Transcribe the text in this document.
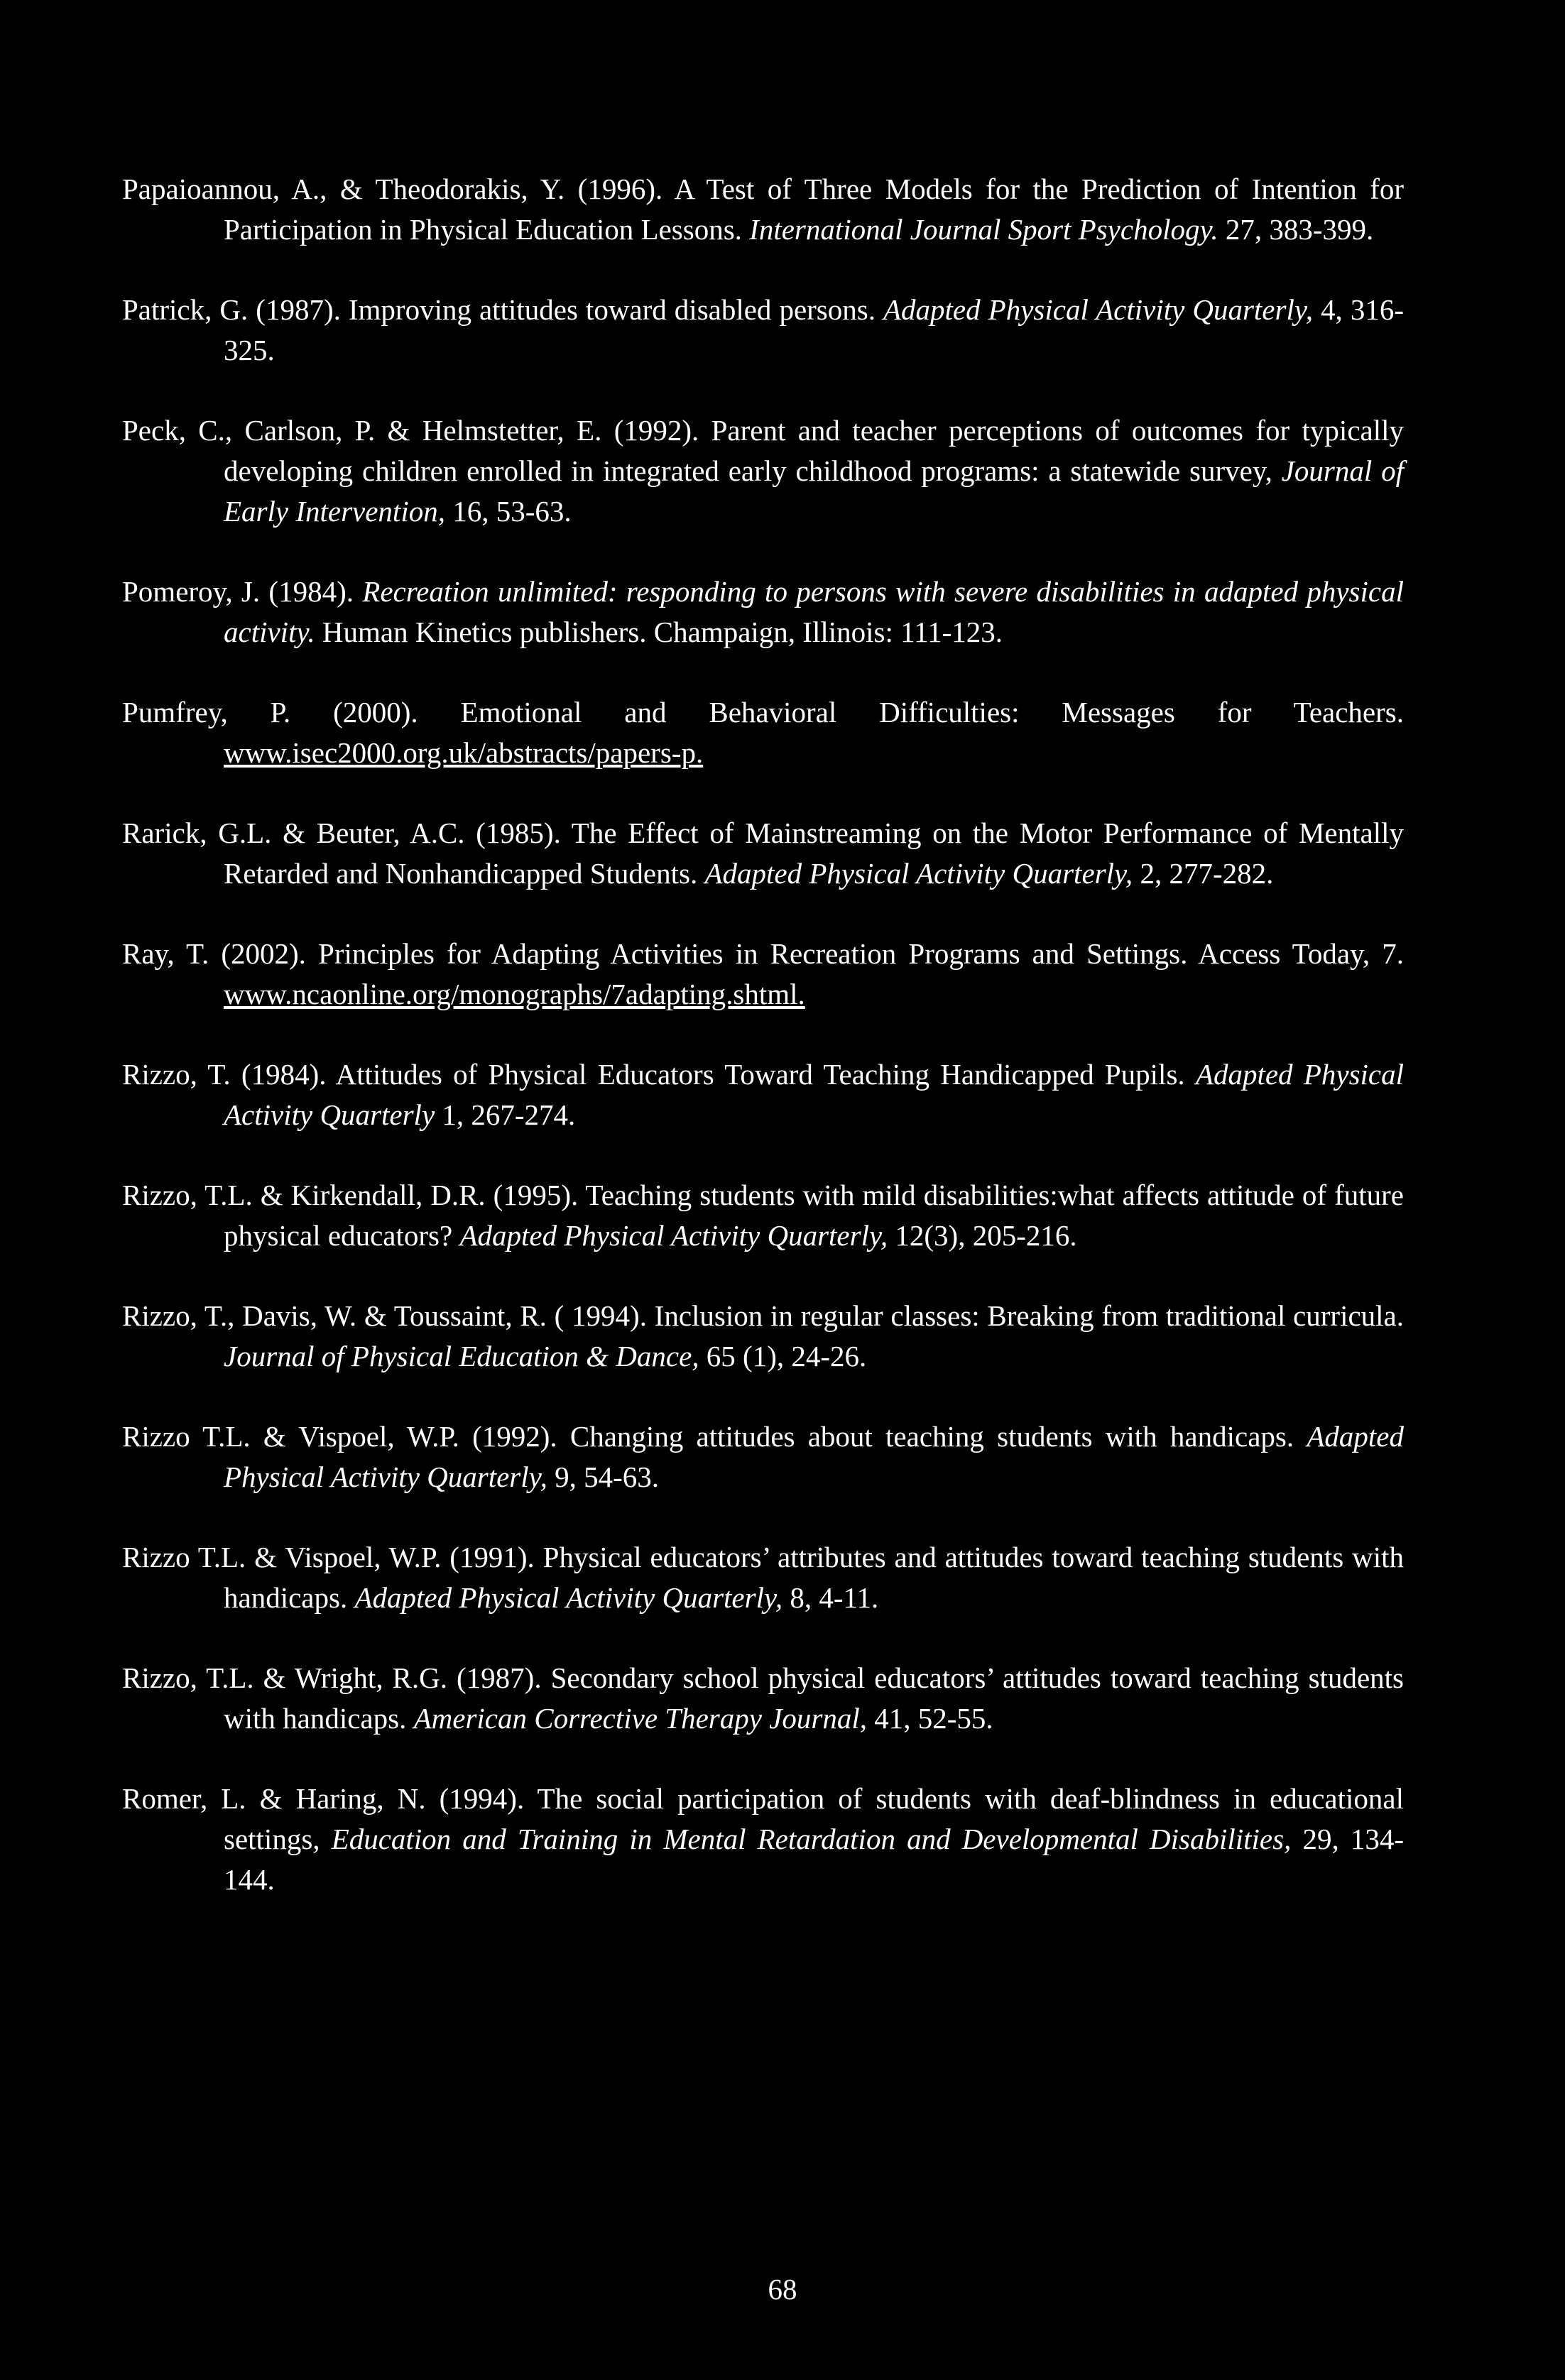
Papaioannou, A., & Theodorakis, Y. (1996). A Test of Three Models for the Prediction of Intention for Participation in Physical Education Lessons. International Journal Sport Psychology. 27, 383-399.

Patrick, G. (1987). Improving attitudes toward disabled persons. Adapted Physical Activity Quarterly, 4, 316-325.

Peck, C., Carlson, P. & Helmstetter, E. (1992). Parent and teacher perceptions of outcomes for typically developing children enrolled in integrated early childhood programs: a statewide survey, Journal of Early Intervention, 16, 53-63.

Pomeroy, J. (1984). Recreation unlimited: responding to persons with severe disabilities in adapted physical activity. Human Kinetics publishers. Champaign, Illinois: 111-123.

Pumfrey, P. (2000). Emotional and Behavioral Difficulties: Messages for Teachers. www.isec2000.org.uk/abstracts/papers-p.

Rarick, G.L. & Beuter, A.C. (1985). The Effect of Mainstreaming on the Motor Performance of Mentally Retarded and Nonhandicapped Students. Adapted Physical Activity Quarterly, 2, 277-282.

Ray, T. (2002). Principles for Adapting Activities in Recreation Programs and Settings. Access Today, 7. www.ncaonline.org/monographs/7adapting.shtml.

Rizzo, T. (1984). Attitudes of Physical Educators Toward Teaching Handicapped Pupils. Adapted Physical Activity Quarterly 1, 267-274.

Rizzo, T.L. & Kirkendall, D.R. (1995). Teaching students with mild disabilities:what affects attitude of future physical educators? Adapted Physical Activity Quarterly, 12(3), 205-216.

Rizzo, T., Davis, W. & Toussaint, R. ( 1994). Inclusion in regular classes: Breaking from traditional curricula. Journal of Physical Education & Dance, 65 (1), 24-26.

Rizzo T.L. & Vispoel, W.P. (1992). Changing attitudes about teaching students with handicaps. Adapted Physical Activity Quarterly, 9, 54-63.

Rizzo T.L. & Vispoel, W.P. (1991). Physical educators’ attributes and attitudes toward teaching students with handicaps. Adapted Physical Activity Quarterly, 8, 4-11.

Rizzo, T.L. & Wright, R.G. (1987). Secondary school physical educators’ attitudes toward teaching students with handicaps. American Corrective Therapy Journal, 41, 52-55.

Romer, L. & Haring, N. (1994). The social participation of students with deaf-blindness in educational settings, Education and Training in Mental Retardation and Developmental Disabilities, 29, 134-144.

68
